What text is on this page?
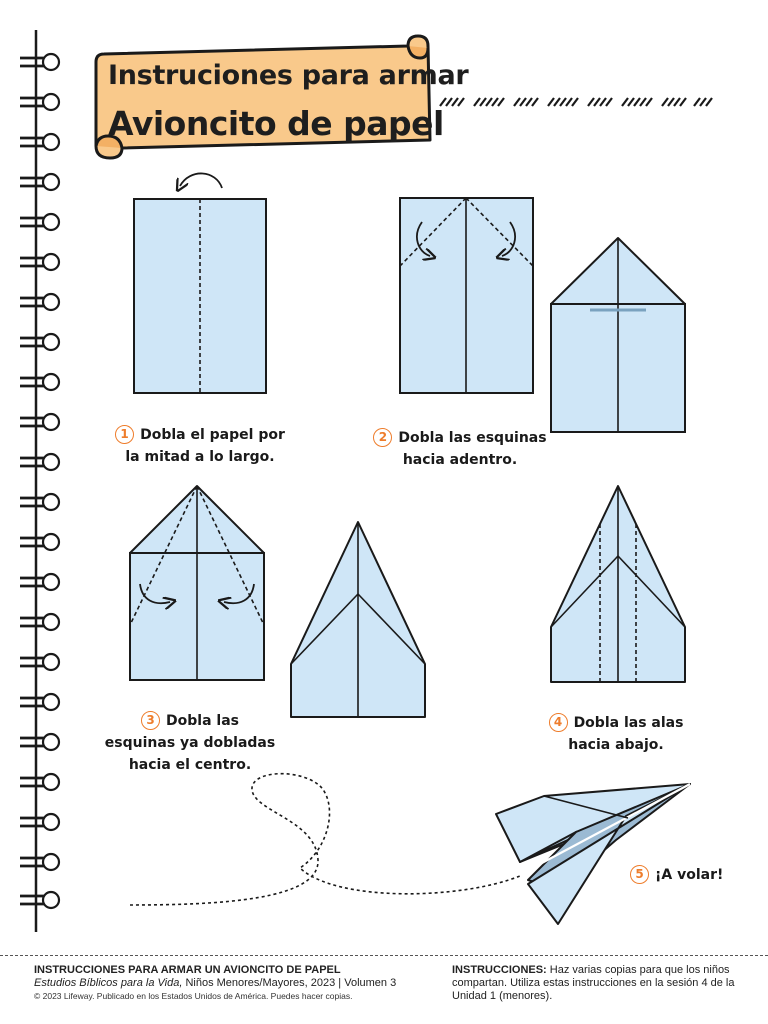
Instruciones para armar
Avioncito de papel
1 Dobla el papel por
la mitad a lo largo.
2 Dobla las esquinas
hacia adentro.
3 Dobla las
esquinas ya dobladas
hacia el centro.
4 Dobla las alas
hacia abajo.
5 ¡A volar!
INSTRUCCIONES PARA ARMAR UN AVIONCITO DE PAPEL
Estudios Bíblicos para la Vida, Niños Menores/Mayores, 2023 | Volumen 3
© 2023 Lifeway. Publicado en los Estados Unidos de América. Puedes hacer copias.
INSTRUCCIONES: Haz varias copias para que los niños compartan. Utiliza estas instrucciones en la sesión 4 de la Unidad 1 (menores).
